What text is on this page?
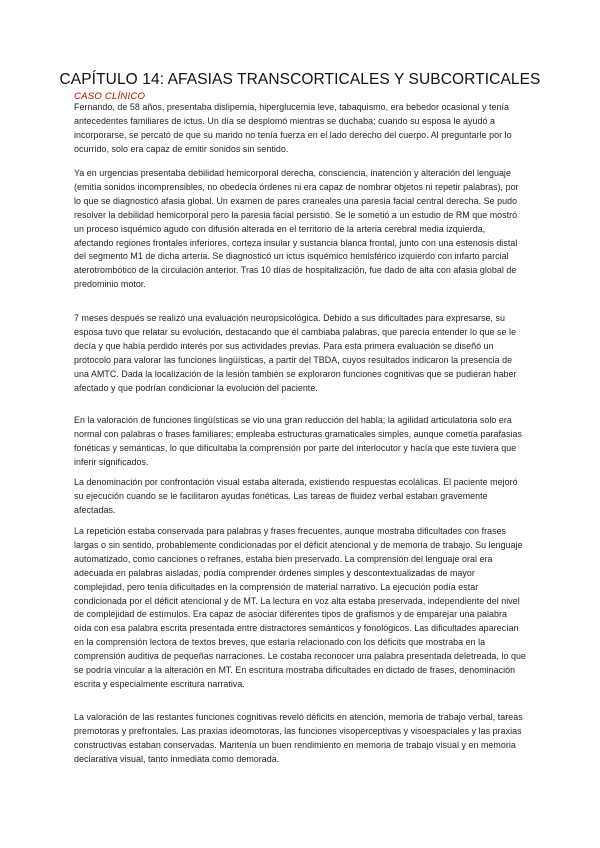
CAPÍTULO 14: AFASIAS TRANSCORTICALES Y SUBCORTICALES
CASO CLÍNICO

Fernando, de 58 años, presentaba dislipemia, hiperglucemia leve, tabaquismo, era bebedor ocasional y tenía antecedentes familiares de ictus. Un día se desplomó mientras se duchaba; cuando su esposa le ayudó a incorporarse, se percató de que su marido no tenía fuerza en el lado derecho del cuerpo. Al preguntarle por lo ocurrido, solo era capaz de emitir sonidos sin sentido.

Ya en urgencias presentaba debilidad hemicorporal derecha, consciencia, inatención y alteración del lenguaje (emitía sonidos incomprensibles, no obedecía órdenes ni era capaz de nombrar objetos ni repetir palabras), por lo que se diagnosticó afasia global. Un examen de pares craneales una paresia facial central derecha. Se pudo resolver la debilidad hemicorporal pero la paresia facial persistió. Se le sometió a un estudio de RM que mostró un proceso isquémico agudo con difusión alterada en el territorio de la arteria cerebral media izquierda, afectando regiones frontales inferiores, corteza insular y sustancia blanca frontal, junto con una estenosis distal del segmento M1 de dicha arteria. Se diagnosticó un ictus isquémico hemisférico izquierdo con infarto parcial aterotrombótico de la circulación anterior. Tras 10 días de hospitalización, fue dado de alta con afasia global de predominio motor.

7 meses después se realizó una evaluación neuropsicológica. Debido a sus dificultades para expresarse, su esposa tuvo que relatar su evolución, destacando que él cambiaba palabras, que parecía entender lo que se le decía y que había perdido interés por sus actividades previas. Para esta primera evaluación se diseñó un protocolo para valorar las funciones lingüísticas, a partir del TBDA, cuyos resultados indicaron la presencia de una AMTC. Dada la localización de la lesión también se exploraron funciones cognitivas que se pudieran haber afectado y que podrían condicionar la evolución del paciente.

En la valoración de funciones lingüísticas se vio una gran reducción del habla; la agilidad articulatoria solo era normal con palabras o frases familiares; empleaba estructuras gramaticales simples, aunque cometía parafasias fonéticas y semánticas, lo que dificultaba la comprensión por parte del interlocutor y hacía que este tuviera que inferir significados.

La denominación por confrontación visual estaba alterada, existiendo respuestas ecolálicas. El paciente mejoró su ejecución cuando se le facilitaron ayudas fonéticas. Las tareas de fluidez verbal estaban gravemente afectadas.

La repetición estaba conservada para palabras y frases frecuentes, aunque mostraba dificultades con frases largas o sin sentido, probablemente condicionadas por el déficit atencional y de memoria de trabajo. Su lenguaje automatizado, como canciones o refranes, estaba bien preservado. La comprensión del lenguaje oral era adecuada en palabras aisladas, podía comprender órdenes simples y descontextualizadas de mayor complejidad, pero tenía dificultades en la comprensión de material narrativo. La ejecución podía estar condicionada por el déficit atencional y de MT. La lectura en voz alta estaba preservada, independiente del nivel de complejidad de estímulos. Era capaz de asociar diferentes tipos de grafismos y de emparejar una palabra oída con esa palabra escrita presentada entre distractores semánticos y fonológicos. Las dificultades aparecían en la comprensión lectora de textos breves, que estaría relacionado con los déficits que mostraba en la comprensión auditiva de pequeñas narraciones. Le costaba reconocer una palabra presentada deletreada, lo que se podría vincular a la alteración en MT. En escritura mostraba dificultades en dictado de frases, denominación escrita y especialmente escritura narrativa.

La valoración de las restantes funciones cognitivas reveló déficits en atención, memoria de trabajo verbal, tareas premotoras y prefrontales. Las praxias ideomotoras, las funciones visoperceptivas y visoespaciales y las praxias constructivas estaban conservadas. Mantenía un buen rendimiento en memoria de trabajo visual y en memoria declarativa visual, tanto inmediata como demorada.
